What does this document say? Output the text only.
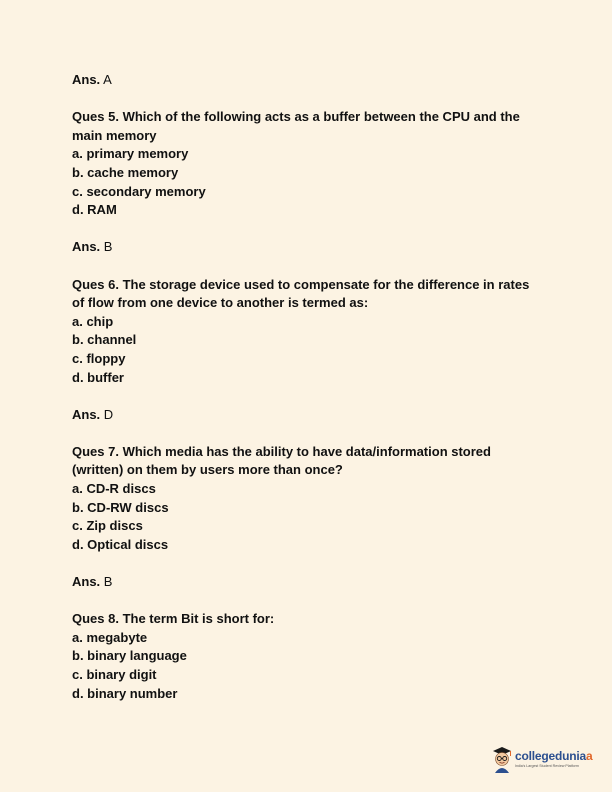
Ans. A

Ques 5. Which of the following acts as a buffer between the CPU and the main memory

a. primary memory
b. cache memory
c. secondary memory
d. RAM

Ans. B

Ques 6. The storage device used to compensate for the difference in rates of flow from one device to another is termed as:

a. chip
b. channel
c. floppy
d. buffer

Ans. D

Ques 7. Which media has the ability to have data/information stored (written) on them by users more than once?

a. CD-R discs
b. CD-RW discs
c. Zip discs
d. Optical discs

Ans. B

Ques 8. The term Bit is short for:

a. megabyte
b. binary language
c. binary digit
d. binary number
collegeduniaa
India's Largest Student Review Platform
